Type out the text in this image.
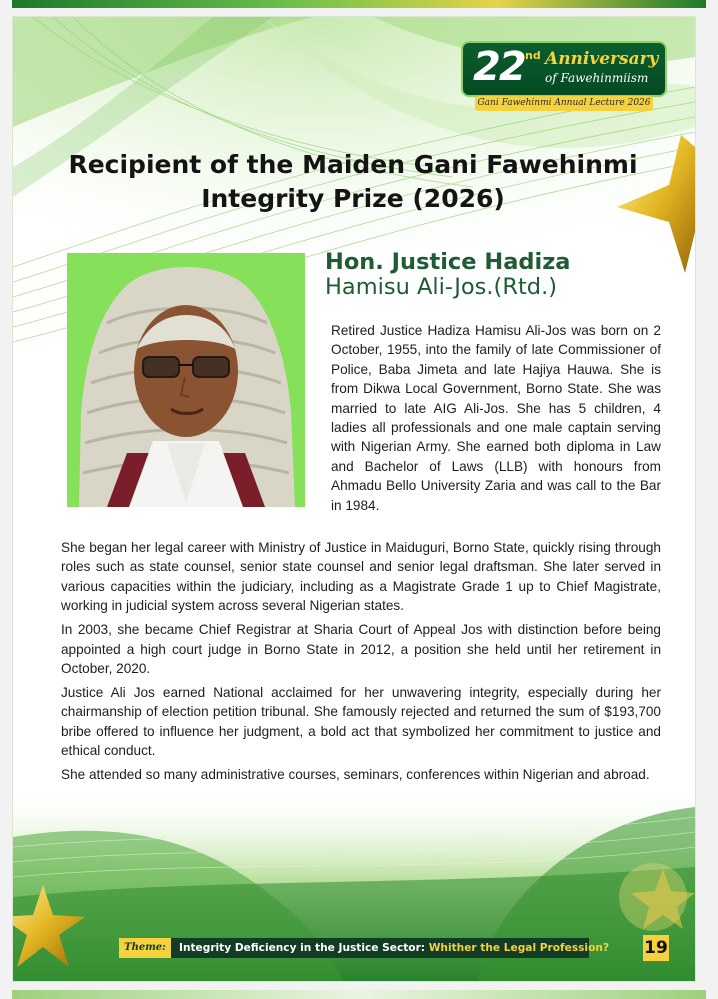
22 nd Anniversary
of Fawehinmiism
Gani Fawehinmi Annual Lecture 2026
Recipient of the Maiden Gani Fawehinmi
Integrity Prize (2026)
Hon. Justice Hadiza
Hamisu Ali-Jos.(Rtd.)

Retired Justice Hadiza Hamisu Ali-Jos was born on 2 October, 1955, into the family of late Commissioner of Police, Baba Jimeta and late Hajiya Hauwa. She is from Dikwa Local Government, Borno State. She was married to late AIG Ali-Jos. She has 5 children, 4 ladies all professionals and one male captain serving with Nigerian Army. She earned both diploma in Law and Bachelor of Laws (LLB) with honours from Ahmadu Bello University Zaria and was call to the Bar in 1984.

She began her legal career with Ministry of Justice in Maiduguri, Borno State, quickly rising through roles such as state counsel, senior state counsel and senior legal draftsman. She later served in various capacities within the judiciary, including as a Magistrate Grade 1 up to Chief Magistrate, working in judicial system across several Nigerian states.

In 2003, she became Chief Registrar at Sharia Court of Appeal Jos with distinction before being appointed a high court judge in Borno State in 2012, a position she held until her retirement in October, 2020.

Justice Ali Jos earned National acclaimed for her unwavering integrity, especially during her chairmanship of election petition tribunal. She famously rejected and returned the sum of $193,700 bribe offered to influence her judgment, a bold act that symbolized her commitment to justice and ethical conduct.

She attended so many administrative courses, seminars, conferences within Nigerian and abroad.

Theme:	Integrity Deficiency in the Justice Sector: Whither the Legal Profession? 19
